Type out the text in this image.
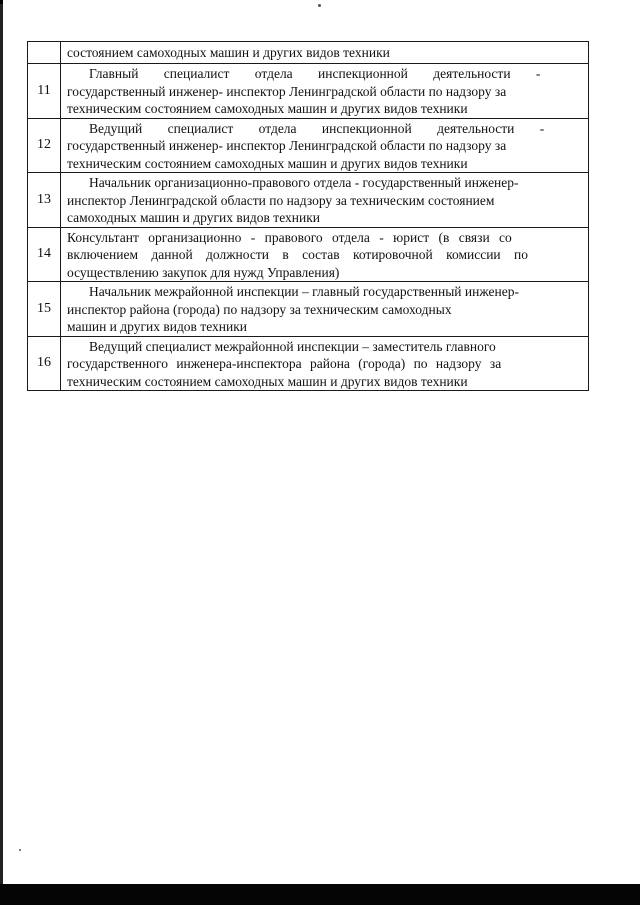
	состоянием самоходных машин и других видов техники

11	Главный специалист отдела инспекционной деятельности -
государственный инженер- инспектор Ленинградской области по надзору за
техническим состоянием самоходных машин и других видов техники

12	Ведущий специалист отдела инспекционной деятельности -
государственный инженер- инспектор Ленинградской области по надзору за
техническим состоянием самоходных машин и других видов техники

13	Начальник организационно-правового отдела - государственный инженер-
инспектор Ленинградской области по надзору за техническим состоянием
самоходных машин и других видов техники

14	Консультант организационно - правового отдела - юрист (в связи со
включением данной должности в состав котировочной комиссии по
осуществлению закупок для нужд Управления)

15	Начальник межрайонной инспекции – главный государственный инженер-
инспектор района (города) по надзору за техническим самоходных
машин и других видов техники

16	Ведущий специалист межрайонной инспекции – заместитель главного
государственного инженера-инспектора района (города) по надзору за
техническим состоянием самоходных машин и других видов техники
